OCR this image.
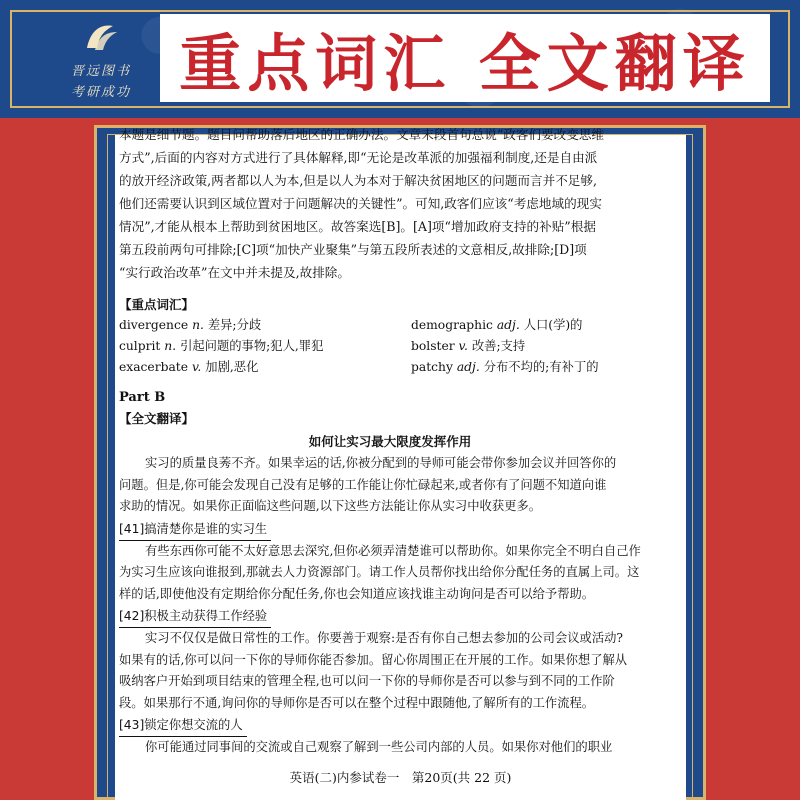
晋远图书
考研成功 重点词汇 全文翻译

本题是细节题。题目问帮助落后地区的正确办法。文章末段首句总说“政客们要改变思维

方式”,后面的内容对方式进行了具体解释,即“无论是改革派的加强福利制度,还是自由派

的放开经济政策,两者都以人为本,但是以人为本对于解决贫困地区的问题而言并不足够,

他们还需要认识到区域位置对于问题解决的关键性”。可知,政客们应该“考虑地域的现实

情况”,才能从根本上帮助到贫困地区。故答案选[B]。[A]项“增加政府支持的补贴”根据

第五段前两句可排除;[C]项“加快产业聚集”与第五段所表述的文意相反,故排除;[D]项

“实行政治改革”在文中并未提及,故排除。

【重点词汇】
divergence n. 差异;分歧	demographic adj. 人口(学)的
culprit n. 引起问题的事物;犯人,罪犯	bolster v. 改善;支持
exacerbate v. 加剧,恶化	patchy adj. 分布不均的;有补丁的
Part B
【全文翻译】
如何让实习最大限度发挥作用
实习的质量良莠不齐。如果幸运的话,你被分配到的导师可能会带你参加会议并回答你的
问题。但是,你可能会发现自己没有足够的工作能让你忙碌起来,或者你有了问题不知道向谁
求助的情况。如果你正面临这些问题,以下这些方法能让你从实习中收获更多。
[41]搞清楚你是谁的实习生
有些东西你可能不太好意思去深究,但你必须弄清楚谁可以帮助你。如果你完全不明白自己作
为实习生应该向谁报到,那就去人力资源部门。请工作人员帮你找出给你分配任务的直属上司。这
样的话,即使他没有定期给你分配任务,你也会知道应该找谁主动询问是否可以给予帮助。
[42]积极主动获得工作经验
实习不仅仅是做日常性的工作。你要善于观察:是否有你自己想去参加的公司会议或活动?
如果有的话,你可以问一下你的导师你能否参加。留心你周围正在开展的工作。如果你想了解从
吸纳客户开始到项目结束的管理全程,也可以问一下你的导师你是否可以参与到不同的工作阶
段。如果那行不通,询问你的导师你是否可以在整个过程中跟随他,了解所有的工作流程。
[43]锁定你想交流的人
你可能通过同事间的交流或自己观察了解到一些公司内部的人员。如果你对他们的职业
英语(二)内参试卷一　第20页(共 22 页)
